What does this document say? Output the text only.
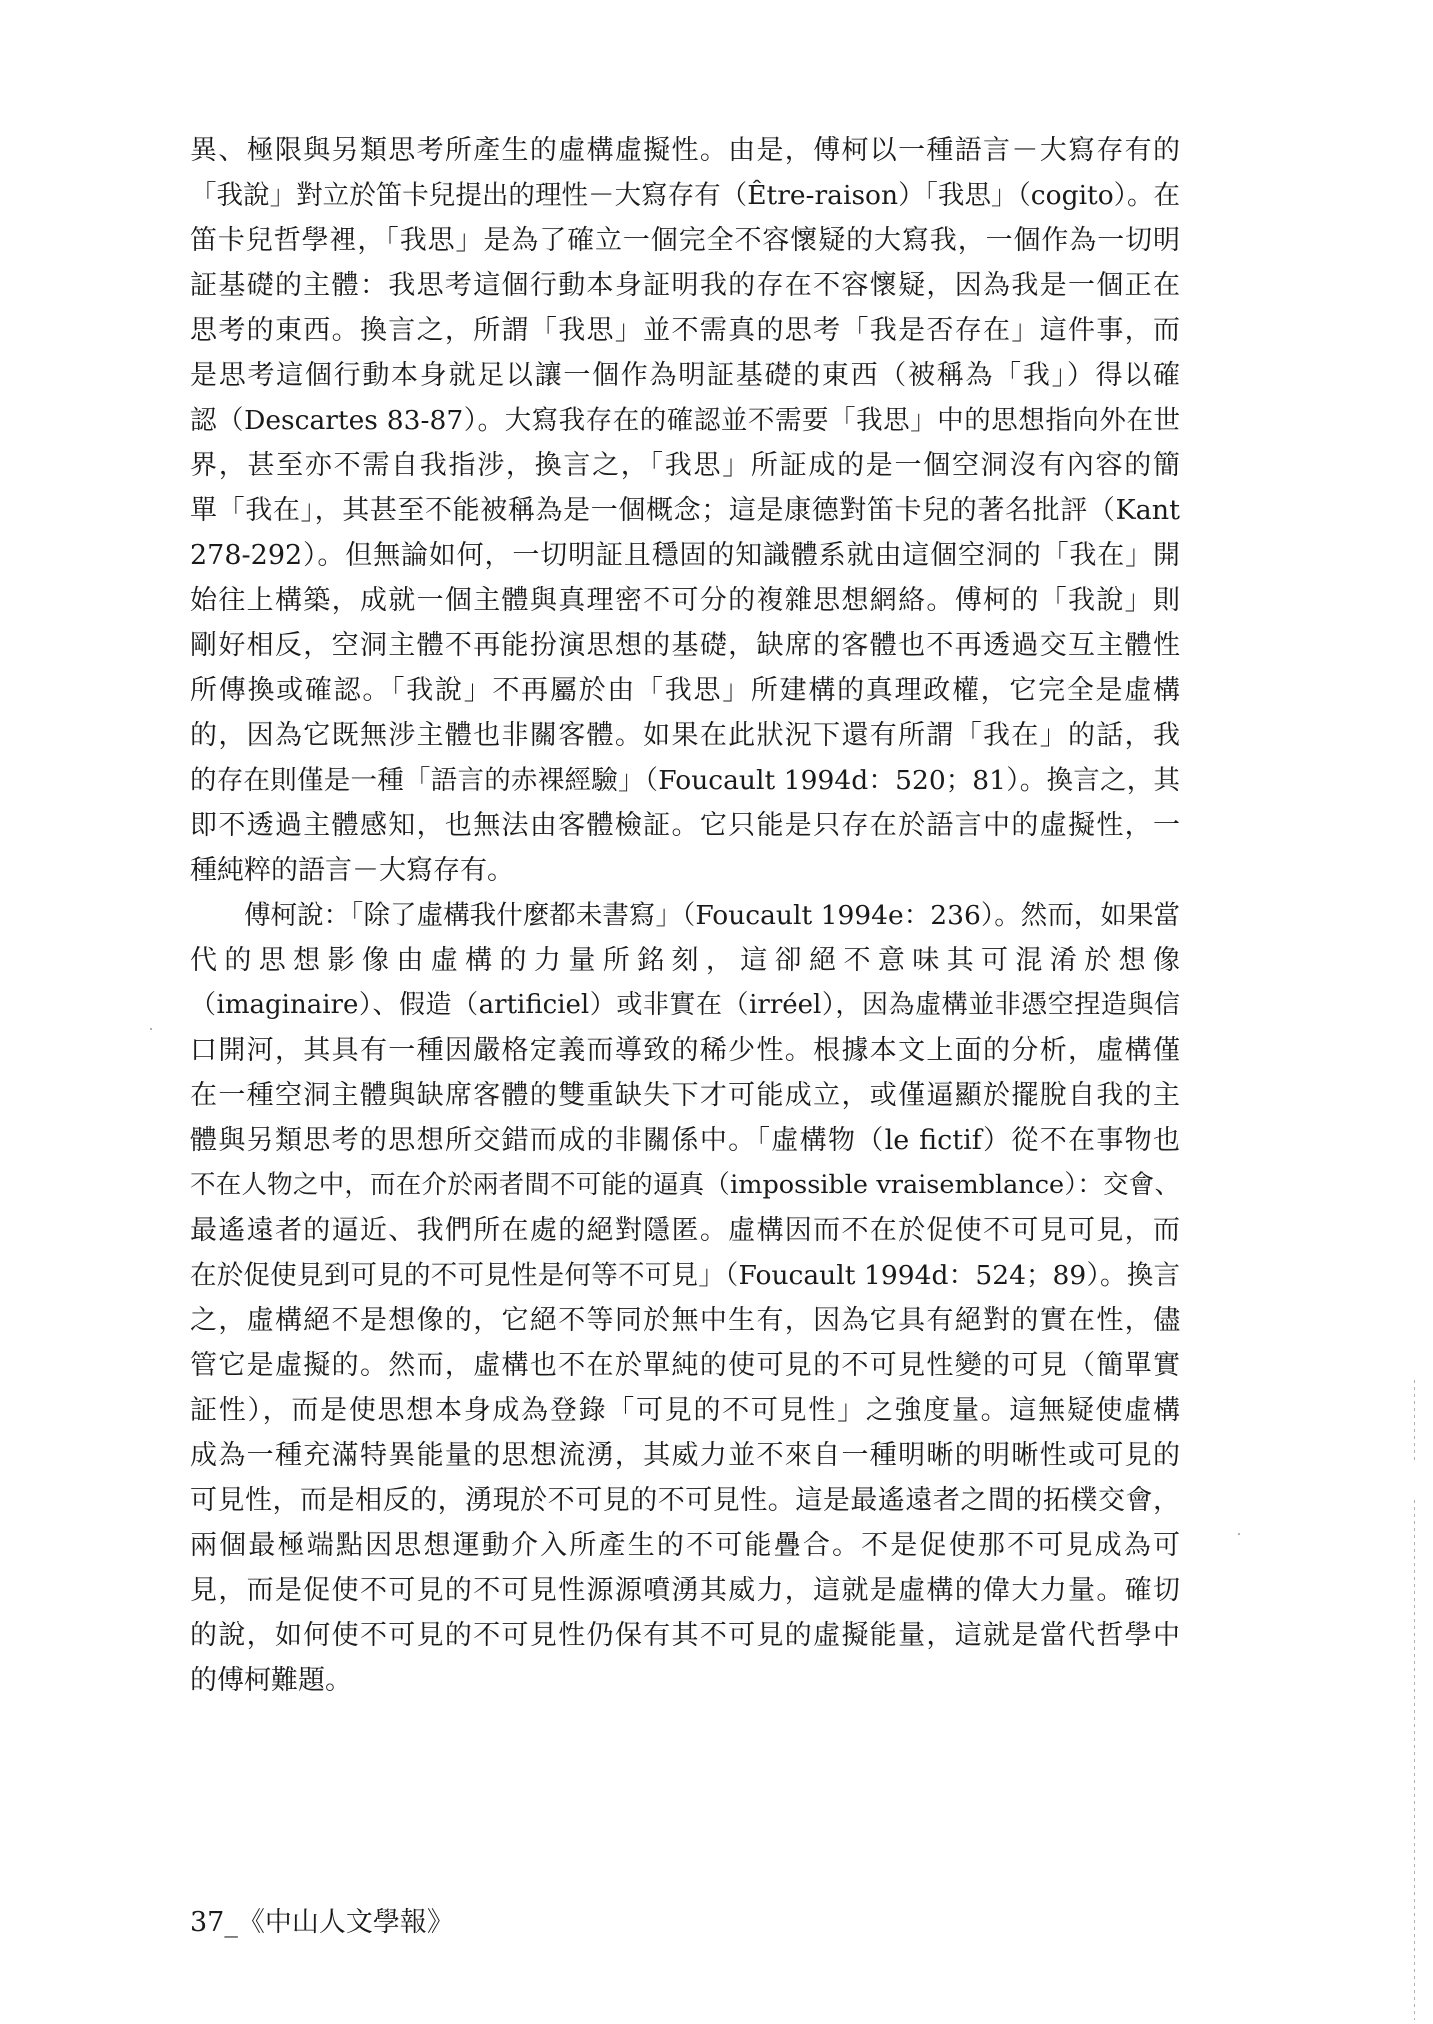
異、極限與另類思考所產生的虛構虛擬性。由是，傅柯以一種語言－大寫存有的
「我說」對立於笛卡兒提出的理性－大寫存有（Être-raison）「我思」（cogito）。在
笛卡兒哲學裡，「我思」是為了確立一個完全不容懷疑的大寫我，一個作為一切明
証基礎的主體：我思考這個行動本身証明我的存在不容懷疑，因為我是一個正在
思考的東西。換言之，所謂「我思」並不需真的思考「我是否存在」這件事，而
是思考這個行動本身就足以讓一個作為明証基礎的東西（被稱為「我」）得以確
認（Descartes 83-87）。大寫我存在的確認並不需要「我思」中的思想指向外在世
界，甚至亦不需自我指涉，換言之，「我思」所証成的是一個空洞沒有內容的簡
單「我在」，其甚至不能被稱為是一個概念；這是康德對笛卡兒的著名批評（Kant
278-292）。但無論如何，一切明証且穩固的知識體系就由這個空洞的「我在」開
始往上構築，成就一個主體與真理密不可分的複雜思想網絡。傅柯的「我說」則
剛好相反，空洞主體不再能扮演思想的基礎，缺席的客體也不再透過交互主體性
所傳換或確認。「我說」不再屬於由「我思」所建構的真理政權，它完全是虛構
的，因為它既無涉主體也非關客體。如果在此狀況下還有所謂「我在」的話，我
的存在則僅是一種「語言的赤裸經驗」（Foucault 1994d：520；81）。換言之，其
即不透過主體感知，也無法由客體檢証。它只能是只存在於語言中的虛擬性，一
種純粹的語言－大寫存有。
傅柯說：「除了虛構我什麼都未書寫」（Foucault 1994e：236）。然而，如果當
代的思想影像由虛構的力量所銘刻，這卻絕不意味其可混淆於想像
（imaginaire）、假造（artificiel）或非實在（irréel），因為虛構並非憑空捏造與信
口開河，其具有一種因嚴格定義而導致的稀少性。根據本文上面的分析，虛構僅
在一種空洞主體與缺席客體的雙重缺失下才可能成立，或僅逼顯於擺脫自我的主
體與另類思考的思想所交錯而成的非關係中。「虛構物（le fictif）從不在事物也
不在人物之中，而在介於兩者間不可能的逼真（impossible vraisemblance）：交會、
最遙遠者的逼近、我們所在處的絕對隱匿。虛構因而不在於促使不可見可見，而
在於促使見到可見的不可見性是何等不可見」（Foucault 1994d：524；89）。換言
之，虛構絕不是想像的，它絕不等同於無中生有，因為它具有絕對的實在性，儘
管它是虛擬的。然而，虛構也不在於單純的使可見的不可見性變的可見（簡單實
証性），而是使思想本身成為登錄「可見的不可見性」之強度量。這無疑使虛構
成為一種充滿特異能量的思想流湧，其威力並不來自一種明晰的明晰性或可見的
可見性，而是相反的，湧現於不可見的不可見性。這是最遙遠者之間的拓樸交會，
兩個最極端點因思想運動介入所產生的不可能疊合。不是促使那不可見成為可
見，而是促使不可見的不可見性源源噴湧其威力，這就是虛構的偉大力量。確切
的說，如何使不可見的不可見性仍保有其不可見的虛擬能量，這就是當代哲學中
的傅柯難題。
37_《中山人文學報》
